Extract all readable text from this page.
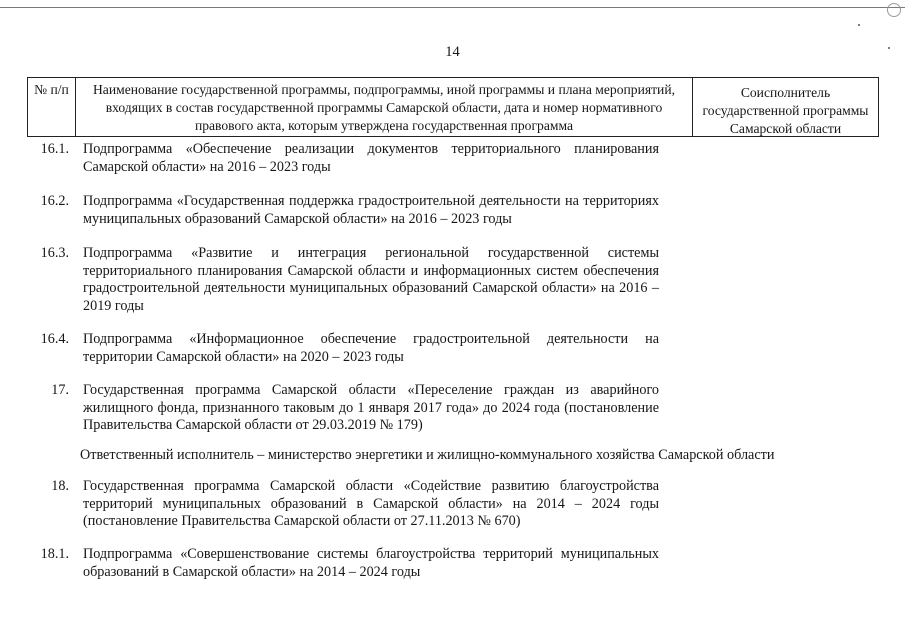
14
№ п/п	Наименование государственной программы, подпрограммы, иной программы и плана мероприятий, входящих в состав государственной программы Самарской области, дата и номер нормативного правового акта, которым утверждена государственная программа
Соисполнитель государственной программы Самарской области
16.1. Подпрограмма «Обеспечение реализации документов территориального планирования Самарской области» на 2016 – 2023 годы
16.2. Подпрограмма «Государственная поддержка градостроительной деятельности на территориях муниципальных образований Самарской области» на 2016 – 2023 годы
16.3. Подпрограмма «Развитие и интеграция региональной государственной системы территориального планирования Самарской области и информационных систем обеспечения градостроительной деятельности муниципальных образований Самарской области» на 2016 – 2019 годы
16.4. Подпрограмма «Информационное обеспечение градостроительной деятельности на территории Самарской области» на 2020 – 2023 годы
17. Государственная программа Самарской области «Переселение граждан из аварийного жилищного фонда, признанного таковым до 1 января 2017 года» до 2024 года (постановление Правительства Самарской области от 29.03.2019 № 179)
Ответственный исполнитель – министерство энергетики и жилищно-коммунального хозяйства Самарской области
18. Государственная программа Самарской области «Содействие развитию благоустройства территорий муниципальных образований в Самарской области» на 2014 – 2024 годы (постановление Правительства Самарской области от 27.11.2013 № 670)
18.1. Подпрограмма «Совершенствование системы благоустройства территорий муниципальных образований в Самарской области» на 2014 – 2024 годы
